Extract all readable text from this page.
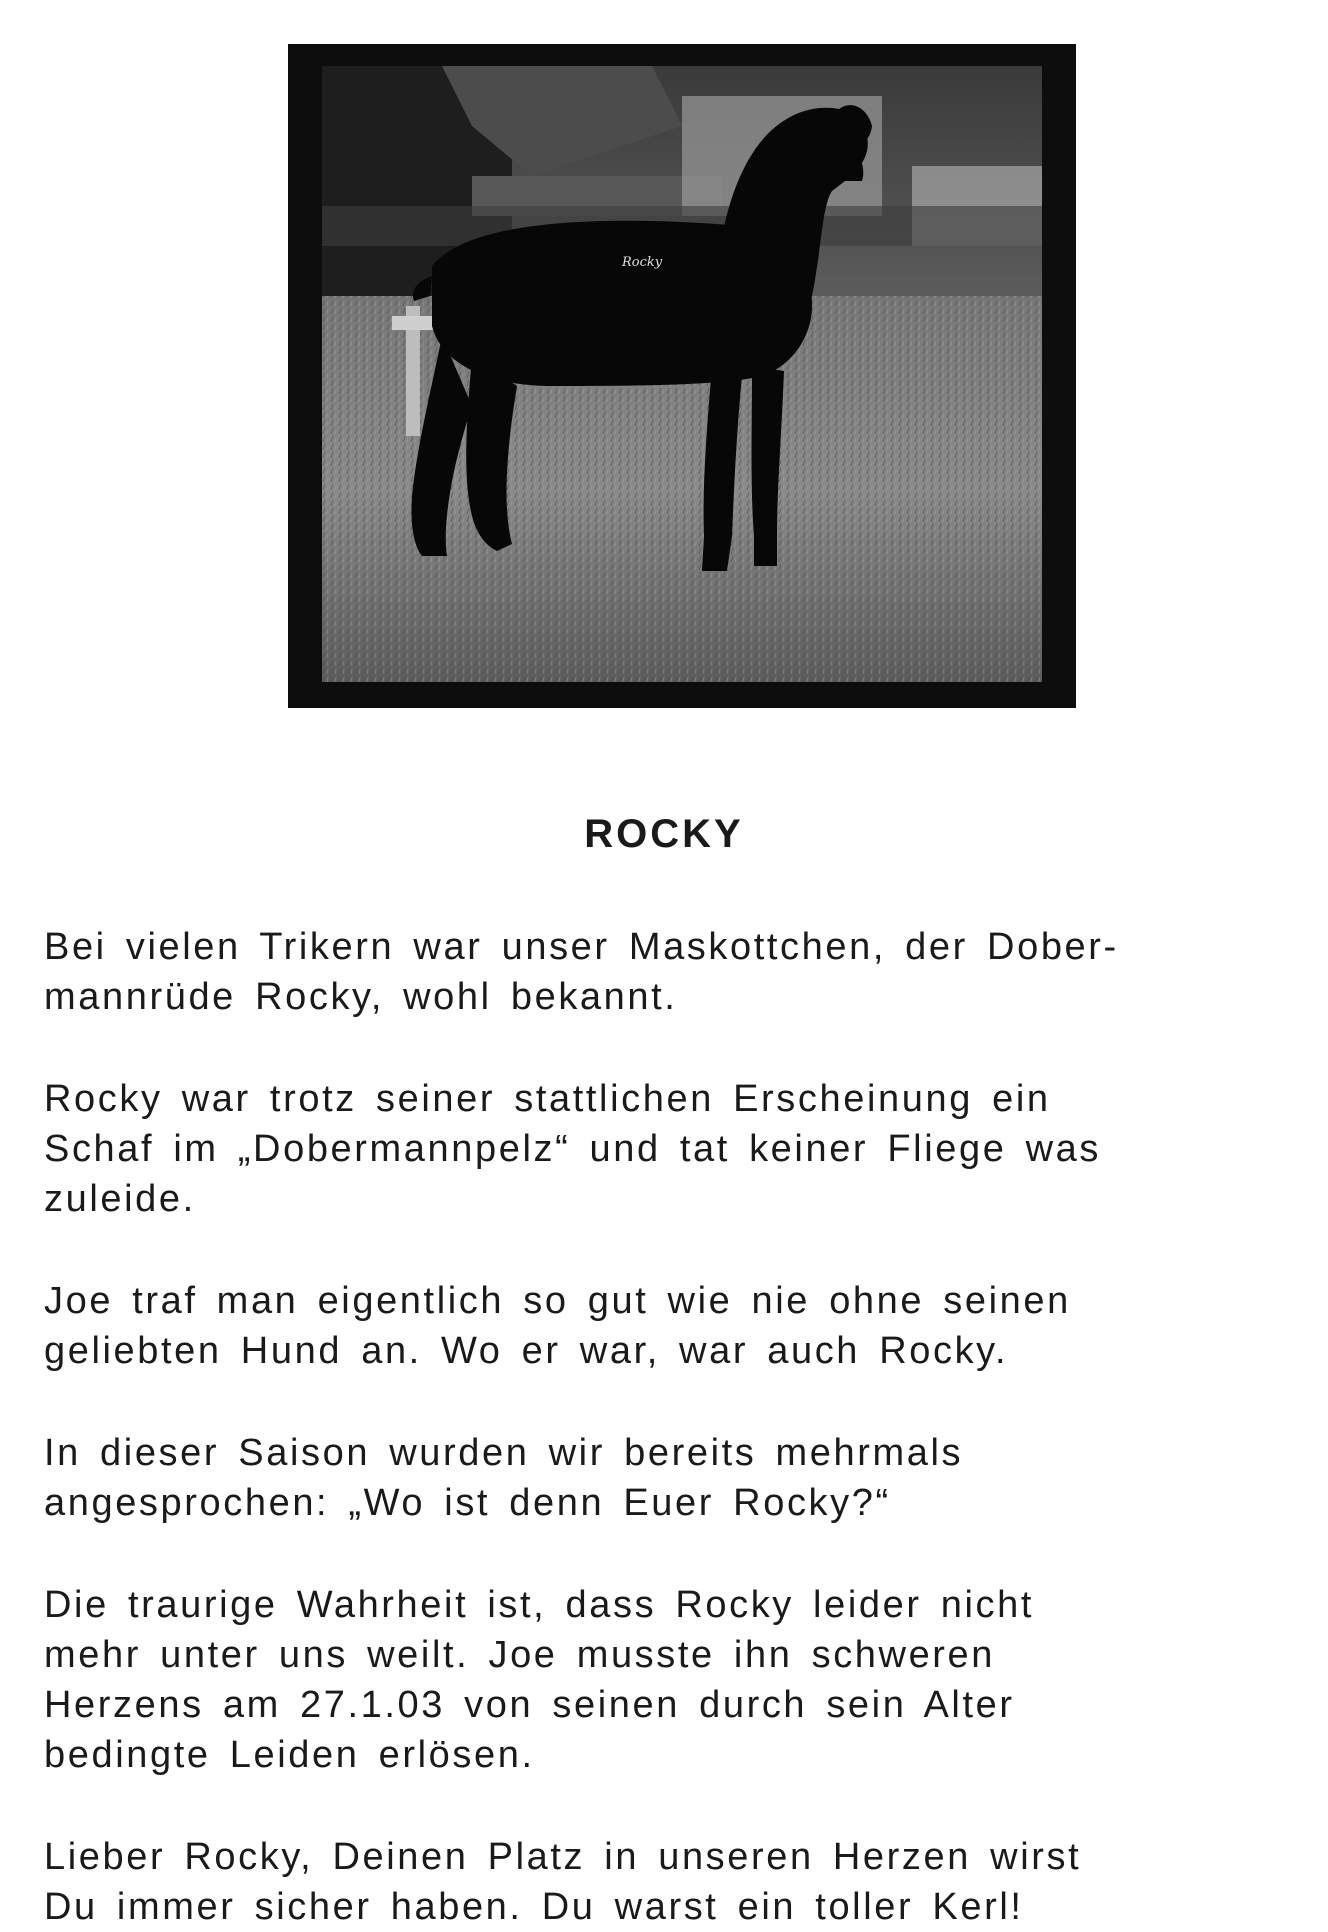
Rocky
ROCKY

Bei vielen Trikern war unser Maskottchen, der Dober-
mannrüde Rocky, wohl bekannt.

Rocky war trotz seiner stattlichen Erscheinung ein
Schaf im „Dobermannpelz“ und tat keiner Fliege was
zuleide.

Joe traf man eigentlich so gut wie nie ohne seinen
geliebten Hund an. Wo er war, war auch Rocky.

In dieser Saison wurden wir bereits mehrmals
angesprochen: „Wo ist denn Euer Rocky?“

Die traurige Wahrheit ist, dass Rocky leider nicht
mehr unter uns weilt. Joe musste ihn schweren
Herzens am 27.1.03 von seinen durch sein Alter
bedingte Leiden erlösen.

Lieber Rocky, Deinen Platz in unseren Herzen wirst
Du immer sicher haben. Du warst ein toller Kerl!
